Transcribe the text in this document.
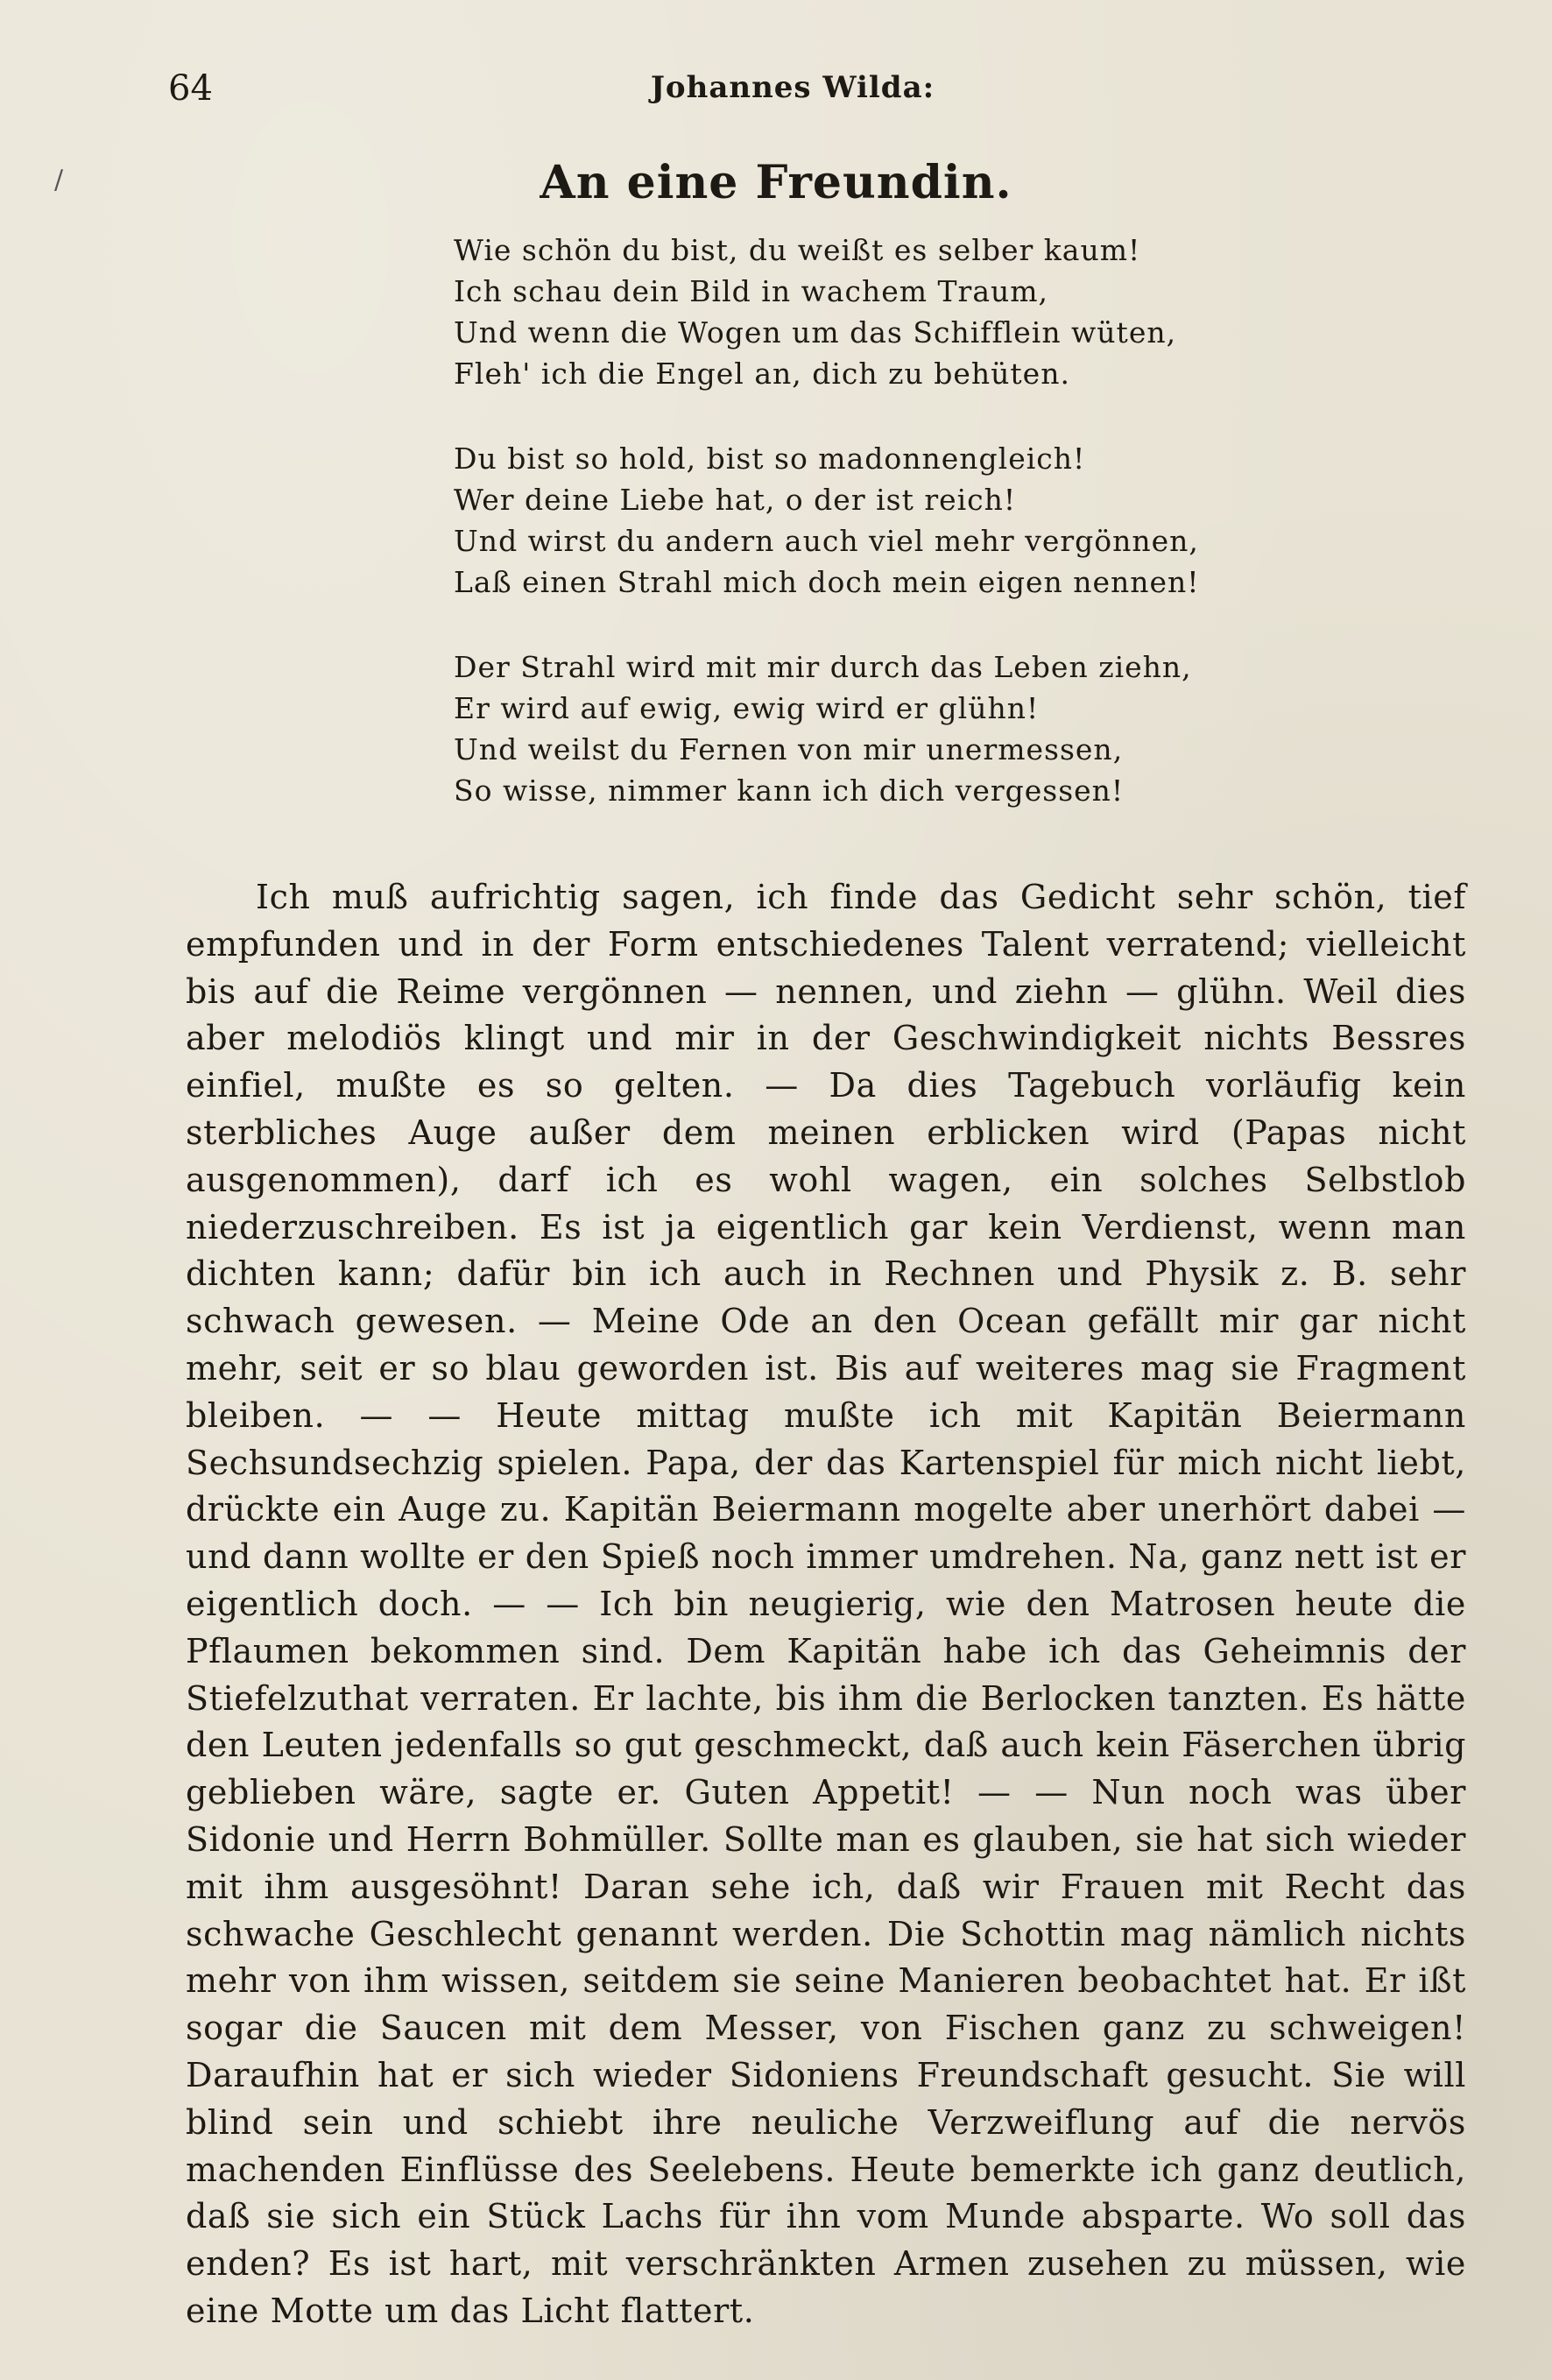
64	Johannes Wilda:
/	An eine Freundin.
Wie schön du bist, du weißt es selber kaum!
Ich schau dein Bild in wachem Traum,
Und wenn die Wogen um das Schifflein wüten,
Fleh' ich die Engel an, dich zu behüten.
Du bist so hold, bist so madonnengleich!
Wer deine Liebe hat, o der ist reich!
Und wirst du andern auch viel mehr vergönnen,
Laß einen Strahl mich doch mein eigen nennen!
Der Strahl wird mit mir durch das Leben ziehn,
Er wird auf ewig, ewig wird er glühn!
Und weilst du Fernen von mir unermessen,
So wisse, nimmer kann ich dich vergessen!

Ich muß aufrichtig sagen, ich finde das Gedicht sehr schön, tief empfunden und in der Form entschiedenes Talent verratend; vielleicht bis auf die Reime vergönnen — nennen, und ziehn — glühn. Weil dies aber melodiös klingt und mir in der Geschwindigkeit nichts Bessres einfiel, mußte es so gelten. — Da dies Tagebuch vorläufig kein sterbliches Auge außer dem meinen erblicken wird (Papas nicht ausgenommen), darf ich es wohl wagen, ein solches Selbstlob niederzuschreiben. Es ist ja eigentlich gar kein Verdienst, wenn man dichten kann; dafür bin ich auch in Rechnen und Physik z. B. sehr schwach gewesen. — Meine Ode an den Ocean gefällt mir gar nicht mehr, seit er so blau geworden ist. Bis auf weiteres mag sie Fragment bleiben. — — Heute mittag mußte ich mit Kapitän Beiermann Sechsundsechzig spielen. Papa, der das Kartenspiel für mich nicht liebt, drückte ein Auge zu. Kapitän Beiermann mogelte aber unerhört dabei — und dann wollte er den Spieß noch immer umdrehen. Na, ganz nett ist er eigentlich doch. — — Ich bin neugierig, wie den Matrosen heute die Pflaumen bekommen sind. Dem Kapitän habe ich das Geheimnis der Stiefelzuthat verraten. Er lachte, bis ihm die Berlocken tanzten. Es hätte den Leuten jedenfalls so gut geschmeckt, daß auch kein Fäserchen übrig geblieben wäre, sagte er. Guten Appetit! — — Nun noch was über Sidonie und Herrn Bohmüller. Sollte man es glauben, sie hat sich wieder mit ihm ausgesöhnt! Daran sehe ich, daß wir Frauen mit Recht das schwache Geschlecht genannt werden. Die Schottin mag nämlich nichts mehr von ihm wissen, seitdem sie seine Manieren beobachtet hat. Er ißt sogar die Saucen mit dem Messer, von Fischen ganz zu schweigen! Daraufhin hat er sich wieder Sidoniens Freundschaft gesucht. Sie will blind sein und schiebt ihre neuliche Verzweiflung auf die nervös machenden Einflüsse des Seelebens. Heute bemerkte ich ganz deutlich, daß sie sich ein Stück Lachs für ihn vom Munde absparte. Wo soll das enden? Es ist hart, mit verschränkten Armen zusehen zu müssen, wie eine Motte um das Licht flattert.
